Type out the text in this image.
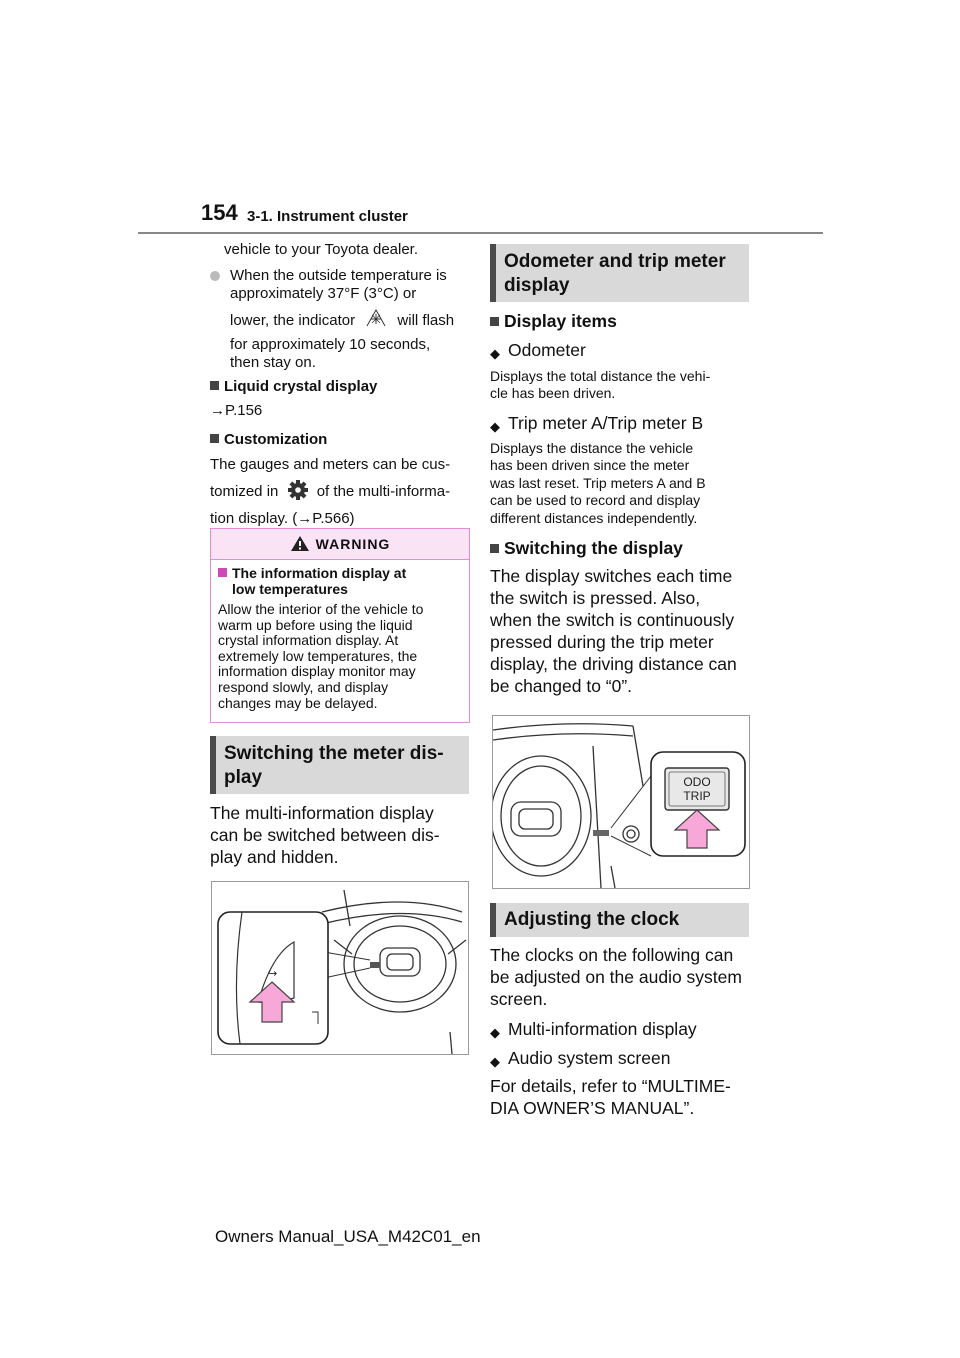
154 3-1. Instrument cluster

vehicle to your Toyota dealer.

When the outside temperature is

approximately 37°F (3°C) or

lower, the indicator	will flash

for approximately 10 seconds,

then stay on.

Liquid crystal display

→P.156

Customization

The gauges and meters can be cus-

tomized in	of the multi-informa-

tion display. (→P.566)

WARNING

The information display at

low temperatures

Allow the interior of the vehicle to

warm up before using the liquid

crystal information display. At

extremely low temperatures, the

information display monitor may

respond slowly, and display

changes may be delayed.

Switching the meter dis-

play

The multi-information display

can be switched between dis-

play and hidden.

↪

Odometer and trip meter

display

Display items

◆ Odometer

Displays the total distance the vehi-

cle has been driven.

◆ Trip meter A/Trip meter B

Displays the distance the vehicle

has been driven since the meter

was last reset. Trip meters A and B

can be used to record and display

different distances independently.

Switching the display

The display switches each time

the switch is pressed. Also,

when the switch is continuously

pressed during the trip meter

display, the driving distance can

be changed to “0”.

ODO
TRIP

Adjusting the clock

The clocks on the following can

be adjusted on the audio system

screen.

◆ Multi-information display
◆ Audio system screen

For details, refer to “MULTIME-

DIA OWNER’S MANUAL”.

Owners Manual_USA_M42C01_en
